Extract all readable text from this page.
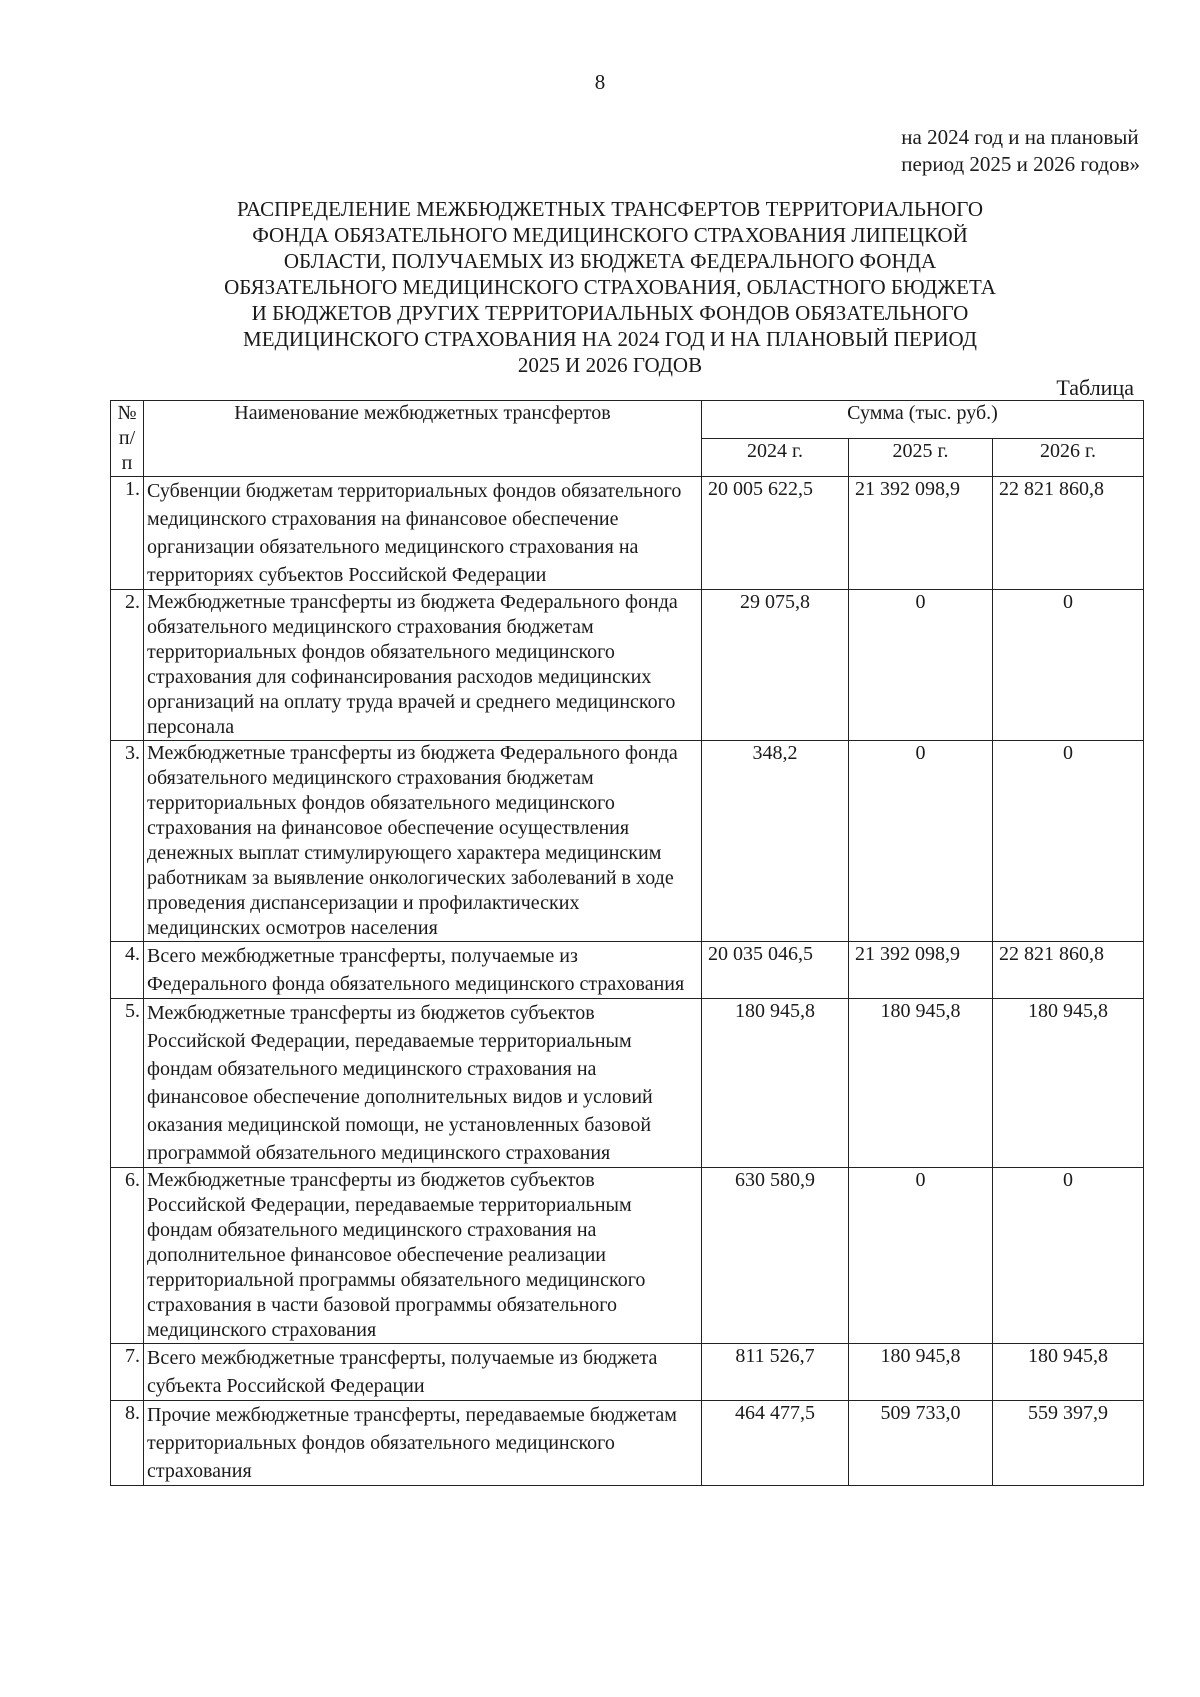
8
на 2024 год и на плановый
период 2025 и 2026 годов»
РАСПРЕДЕЛЕНИЕ МЕЖБЮДЖЕТНЫХ ТРАНСФЕРТОВ ТЕРРИТОРИАЛЬНОГО
ФОНДА ОБЯЗАТЕЛЬНОГО МЕДИЦИНСКОГО СТРАХОВАНИЯ ЛИПЕЦКОЙ
ОБЛАСТИ, ПОЛУЧАЕМЫХ ИЗ БЮДЖЕТА ФЕДЕРАЛЬНОГО ФОНДА
ОБЯЗАТЕЛЬНОГО МЕДИЦИНСКОГО СТРАХОВАНИЯ, ОБЛАСТНОГО БЮДЖЕТА
И БЮДЖЕТОВ ДРУГИХ ТЕРРИТОРИАЛЬНЫХ ФОНДОВ ОБЯЗАТЕЛЬНОГО
МЕДИЦИНСКОГО СТРАХОВАНИЯ НА 2024 ГОД И НА ПЛАНОВЫЙ ПЕРИОД
2025 И 2026 ГОДОВ
Таблица
№
п/п	Наименование межбюджетных трансфертов	Сумма (тыс. руб.)		
		2024 г.	2025 г.	2026 г.
1.	Субвенции бюджетам территориальных фондов обязательного медицинского страхования на финансовое обеспечение организации обязательного медицинского страхования на территориях субъектов Российской Федерации	20 005 622,5	21 392 098,9	22 821 860,8
2.	Межбюджетные трансферты из бюджета Федерального фонда обязательного медицинского страхования бюджетам территориальных фондов обязательного медицинского страхования для софинансирования расходов медицинских организаций на оплату труда врачей и среднего медицинского персонала	29 075,8	0	0
3.	Межбюджетные трансферты из бюджета Федерального фонда обязательного медицинского страхования бюджетам территориальных фондов обязательного медицинского страхования на финансовое обеспечение осуществления денежных выплат стимулирующего характера медицинским работникам за выявление онкологических заболеваний в ходе проведения диспансеризации и профилактических медицинских осмотров населения	348,2	0	0
4.	Всего межбюджетные трансферты, получаемые из Федерального фонда обязательного медицинского страхования	20 035 046,5	21 392 098,9	22 821 860,8
5.	Межбюджетные трансферты из бюджетов субъектов Российской Федерации, передаваемые территориальным фондам обязательного медицинского страхования на финансовое обеспечение дополнительных видов и условий оказания медицинской помощи, не установленных базовой программой обязательного медицинского страхования	180 945,8	180 945,8	180 945,8
6.	Межбюджетные трансферты из бюджетов субъектов Российской Федерации, передаваемые территориальным фондам обязательного медицинского страхования на дополнительное финансовое обеспечение реализации территориальной программы обязательного медицинского страхования в части базовой программы обязательного медицинского страхования	630 580,9	0	0
7.	Всего межбюджетные трансферты, получаемые из бюджета субъекта Российской Федерации	811 526,7	180 945,8	180 945,8
8.	Прочие межбюджетные трансферты, передаваемые бюджетам территориальных фондов обязательного медицинского страхования	464 477,5	509 733,0	559 397,9
